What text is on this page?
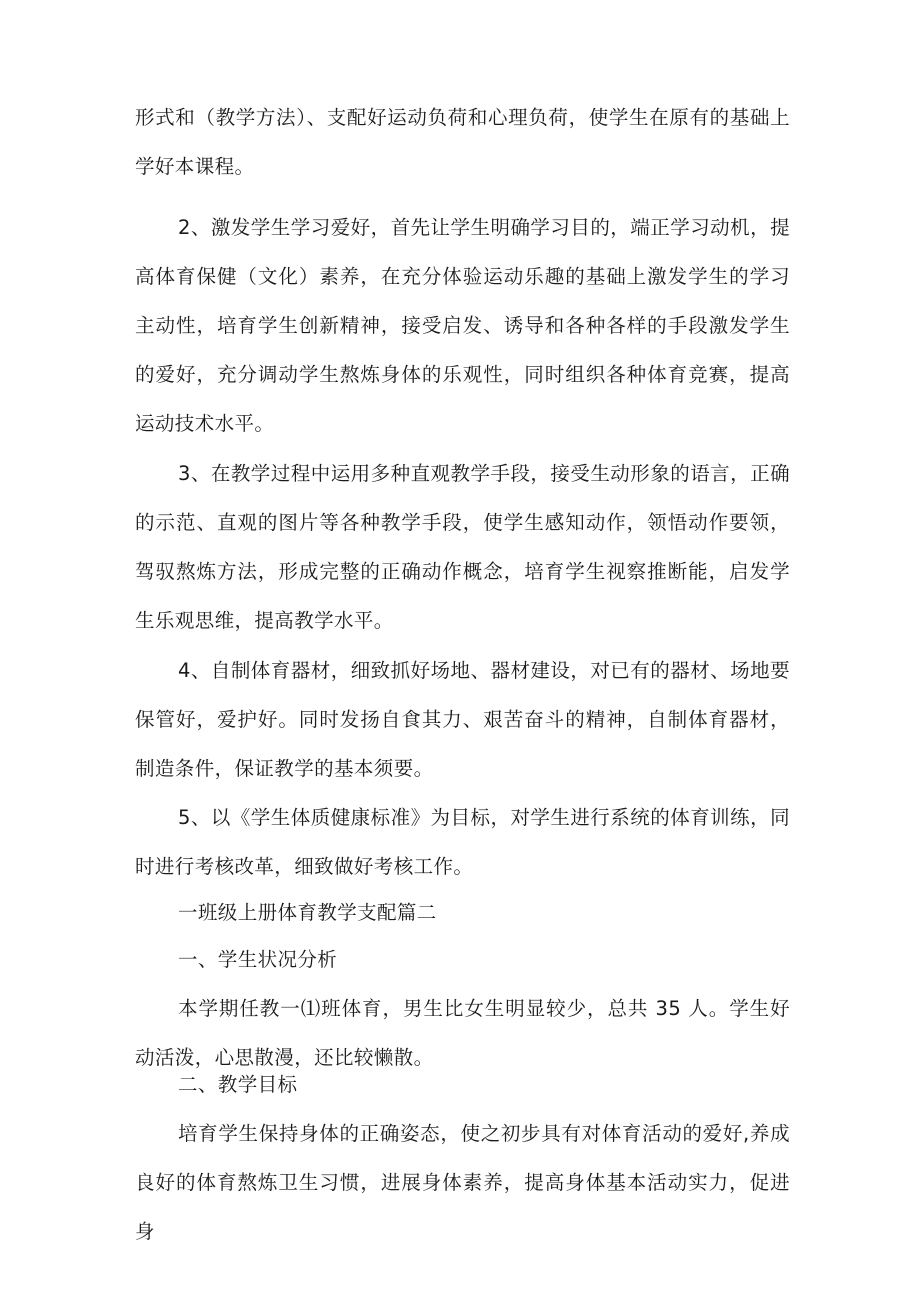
形式和（教学方法）、支配好运动负荷和心理负荷，使学生在原有的基础上学好本课程。

2、激发学生学习爱好，首先让学生明确学习目的，端正学习动机，提高体育保健（文化）素养，在充分体验运动乐趣的基础上激发学生的学习主动性，培育学生创新精神，接受启发、诱导和各种各样的手段激发学生的爱好，充分调动学生熬炼身体的乐观性，同时组织各种体育竞赛，提高运动技术水平。

3、在教学过程中运用多种直观教学手段，接受生动形象的语言，正确的示范、直观的图片等各种教学手段，使学生感知动作，领悟动作要领，驾驭熬炼方法，形成完整的正确动作概念，培育学生视察推断能，启发学生乐观思维，提高教学水平。

4、自制体育器材，细致抓好场地、器材建设，对已有的器材、场地要保管好，爱护好。同时发扬自食其力、艰苦奋斗的精神，自制体育器材，制造条件，保证教学的基本须要。

5、以《学生体质健康标准》为目标，对学生进行系统的体育训练，同时进行考核改革，细致做好考核工作。

一班级上册体育教学支配篇二

一、学生状况分析

本学期任教一⑴班体育，男生比女生明显较少，总共 35 人。学生好动活泼，心思散漫，还比较懒散。

二、教学目标

培育学生保持身体的正确姿态，使之初步具有对体育活动的爱好,养成良好的体育熬炼卫生习惯，进展身体素养，提高身体基本活动实力，促进身
